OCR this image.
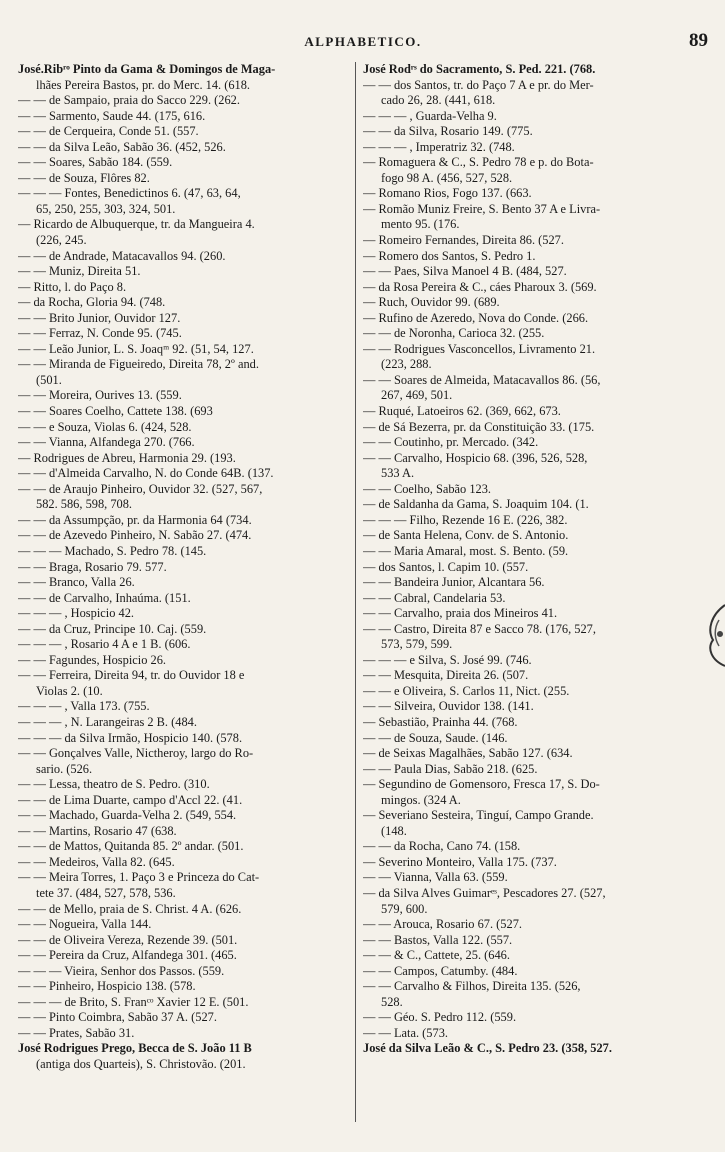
ALPHABETICO.	89
José.Ribʳᵒ Pinto da Gama & Domingos de Maga-
lhães Pereira Bastos, pr. do Merc. 14. (618.
— — de Sampaio, praia do Sacco 229. (262.
— — Sarmento, Saude 44. (175, 616.
— — de Cerqueira, Conde 51. (557.
— — da Silva Leão, Sabão 36. (452, 526.
— — Soares, Sabão 184. (559.
— — de Souza, Flôres 82.
— — — Fontes, Benedictinos 6. (47, 63, 64,
65, 250, 255, 303, 324, 501.
— Ricardo de Albuquerque, tr. da Mangueira 4.
(226, 245.
— — de Andrade, Matacavallos 94. (260.
— — Muniz, Direita 51.
— Ritto, l. do Paço 8.
— da Rocha, Gloria 94. (748.
— — Brito Junior, Ouvidor 127.
— — Ferraz, N. Conde 95. (745.
— — Leão Junior, L. S. Joaqᵐ 92. (51, 54, 127.
— — Miranda de Figueiredo, Direita 78, 2º and.
(501.
— — Moreira, Ourives 13. (559.
— — Soares Coelho, Cattete 138. (693
— — e Souza, Violas 6. (424, 528.
— — Vianna, Alfandega 270. (766.
— Rodrigues de Abreu, Harmonia 29. (193.
— — d'Almeida Carvalho, N. do Conde 64B. (137.
— — de Araujo Pinheiro, Ouvidor 32. (527, 567,
582. 586, 598, 708.
— — da Assumpção, pr. da Harmonia 64 (734.
— — de Azevedo Pinheiro, N. Sabão 27. (474.
— — — Machado, S. Pedro 78. (145.
— — Braga, Rosario 79. 577.
— — Branco, Valla 26.
— — de Carvalho, Inhaúma. (151.
— — — , Hospicio 42.
— — da Cruz, Principe 10. Caj. (559.
— — — , Rosario 4 A e 1 B. (606.
— — Fagundes, Hospicio 26.
— — Ferreira, Direita 94, tr. do Ouvidor 18 e
Violas 2. (10.
— — — , Valla 173. (755.
— — — , N. Larangeiras 2 B. (484.
— — — da Silva Irmão, Hospicio 140. (578.
— — Gonçalves Valle, Nictheroy, largo do Ro-
sario. (526.
— — Lessa, theatro de S. Pedro. (310.
— — de Lima Duarte, campo d'Accl 22. (41.
— — Machado, Guarda-Velha 2. (549, 554.
— — Martins, Rosario 47 (638.
— — de Mattos, Quitanda 85. 2º andar. (501.
— — Medeiros, Valla 82. (645.
— — Meira Torres, 1. Paço 3 e Princeza do Cat-
tete 37. (484, 527, 578, 536.
— — de Mello, praia de S. Christ. 4 A. (626.
— — Nogueira, Valla 144.
— — de Oliveira Vereza, Rezende 39. (501.
— — Pereira da Cruz, Alfandega 301. (465.
— — — Vieira, Senhor dos Passos. (559.
— — Pinheiro, Hospicio 138. (578.
— — — de Brito, S. Franᶜᵒ Xavier 12 E. (501.
— — Pinto Coimbra, Sabão 37 A. (527.
— — Prates, Sabão 31.
José Rodrigues Prego, Becca de S. João 11 B
(antiga dos Quarteis), S. Christovão. (201.
José Rodʳˢ do Sacramento, S. Ped. 221. (768.
— — dos Santos, tr. do Paço 7 A e pr. do Mer-
cado 26, 28. (441, 618.
— — — , Guarda-Velha 9.
— — da Silva, Rosario 149. (775.
— — — , Imperatriz 32. (748.
— Romaguera & C., S. Pedro 78 e p. do Bota-
fogo 98 A. (456, 527, 528.
— Romano Rios, Fogo 137. (663.
— Romão Muniz Freire, S. Bento 37 A e Livra-
mento 95. (176.
— Romeiro Fernandes, Direita 86. (527.
— Romero dos Santos, S. Pedro 1.
— — Paes, Silva Manoel 4 B. (484, 527.
— da Rosa Pereira & C., cáes Pharoux 3. (569.
— Ruch, Ouvidor 99. (689.
— Rufino de Azeredo, Nova do Conde. (266.
— — de Noronha, Carioca 32. (255.
— — Rodrigues Vasconcellos, Livramento 21.
(223, 288.
— — Soares de Almeida, Matacavallos 86. (56,
267, 469, 501.
— Ruqué, Latoeiros 62. (369, 662, 673.
— de Sá Bezerra, pr. da Constituição 33. (175.
— — Coutinho, pr. Mercado. (342.
— — Carvalho, Hospicio 68. (396, 526, 528,
533 A.
— — Coelho, Sabão 123.
— de Saldanha da Gama, S. Joaquim 104. (1.
— — — Filho, Rezende 16 E. (226, 382.
— de Santa Helena, Conv. de S. Antonio.
— — Maria Amaral, most. S. Bento. (59.
— dos Santos, l. Capim 10. (557.
— — Bandeira Junior, Alcantara 56.
— — Cabral, Candelaria 53.
— — Carvalho, praia dos Mineiros 41.
— — Castro, Direita 87 e Sacco 78. (176, 527,
573, 579, 599.
— — — e Silva, S. José 99. (746.
— — Mesquita, Direita 26. (507.
— — e Oliveira, S. Carlos 11, Nict. (255.
— — Silveira, Ouvidor 138. (141.
— Sebastião, Prainha 44. (768.
— — de Souza, Saude. (146.
— de Seixas Magalhães, Sabão 127. (634.
— — Paula Dias, Sabão 218. (625.
— Segundino de Gomensoro, Fresca 17, S. Do-
mingos. (324 A.
— Severiano Sesteira, Tinguí, Campo Grande.
(148.
— — da Rocha, Cano 74. (158.
— Severino Monteiro, Valla 175. (737.
— — Vianna, Valla 63. (559.
— da Silva Alves Guimarᵉˢ, Pescadores 27. (527,
579, 600.
— — Arouca, Rosario 67. (527.
— — Bastos, Valla 122. (557.
— — & C., Cattete, 25. (646.
— — Campos, Catumby. (484.
— — Carvalho & Filhos, Direita 135. (526,
528.
— — Géo. S. Pedro 112. (559.
— — Lata. (573.
José da Silva Leão & C., S. Pedro 23. (358, 527.
